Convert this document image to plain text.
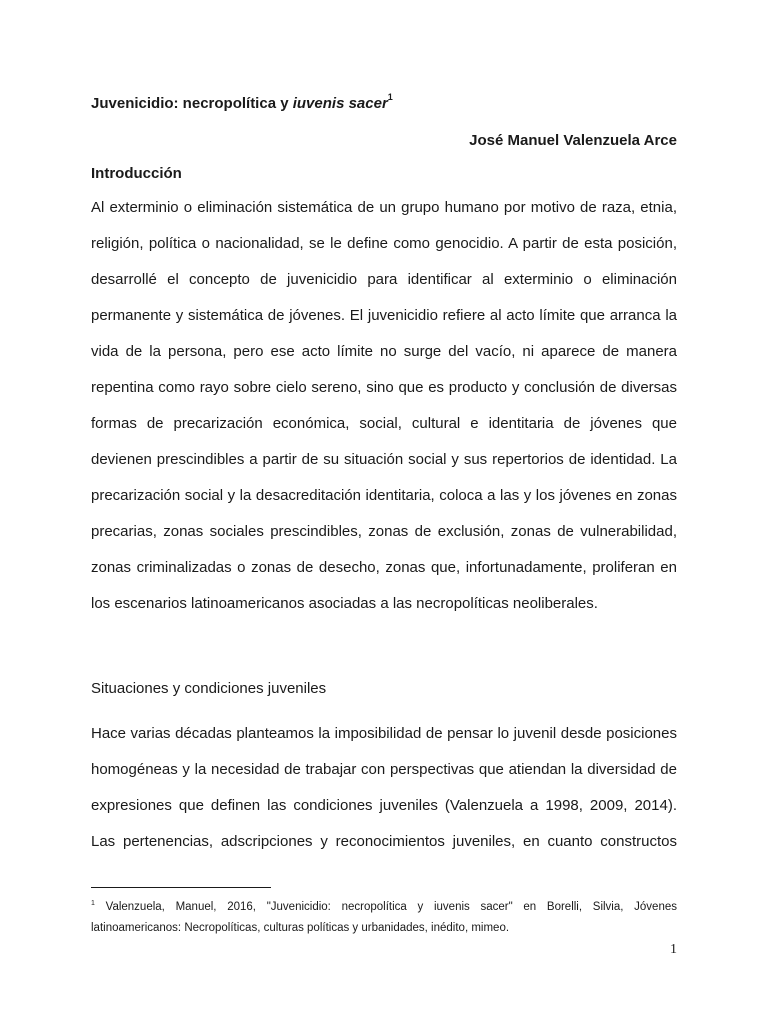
Juvenicidio: necropolítica y iuvenis sacer$^1$
José Manuel Valenzuela Arce
Introducción
Al exterminio o eliminación sistemática de un grupo humano por motivo de raza, etnia,
religión, política o nacionalidad, se le define como genocidio. A partir de esta posición,
desarrollé el concepto de juvenicidio para identificar al exterminio o eliminación
permanente y sistemática de jóvenes. El juvenicidio refiere al acto límite que arranca la
vida de la persona, pero ese acto límite no surge del vacío, ni aparece de manera
repentina como rayo sobre cielo sereno, sino que es producto y conclusión de diversas
formas de precarización económica, social, cultural e identitaria de jóvenes que
devienen prescindibles a partir de su situación social y sus repertorios de identidad. La
precarización social y la desacreditación identitaria, coloca a las y los jóvenes en zonas
precarias, zonas sociales prescindibles, zonas de exclusión, zonas de vulnerabilidad,
zonas criminalizadas o zonas de desecho, zonas que, infortunadamente, proliferan en
los escenarios latinoamericanos asociadas a las necropolíticas neoliberales.
Situaciones y condiciones juveniles
Hace varias décadas planteamos la imposibilidad de pensar lo juvenil desde posiciones
homogéneas y la necesidad de trabajar con perspectivas que atiendan la diversidad de
expresiones que definen las condiciones juveniles (Valenzuela a 1998, 2009, 2014).
Las pertenencias, adscripciones y reconocimientos juveniles, en cuanto constructos
$^1$ Valenzuela, Manuel, 2016, "Juvenicidio: necropolítica y iuvenis sacer" en Borelli, Silvia, Jóvenes
latinoamericanos: Necropolíticas, culturas políticas y urbanidades, inédito, mimeo.
1
